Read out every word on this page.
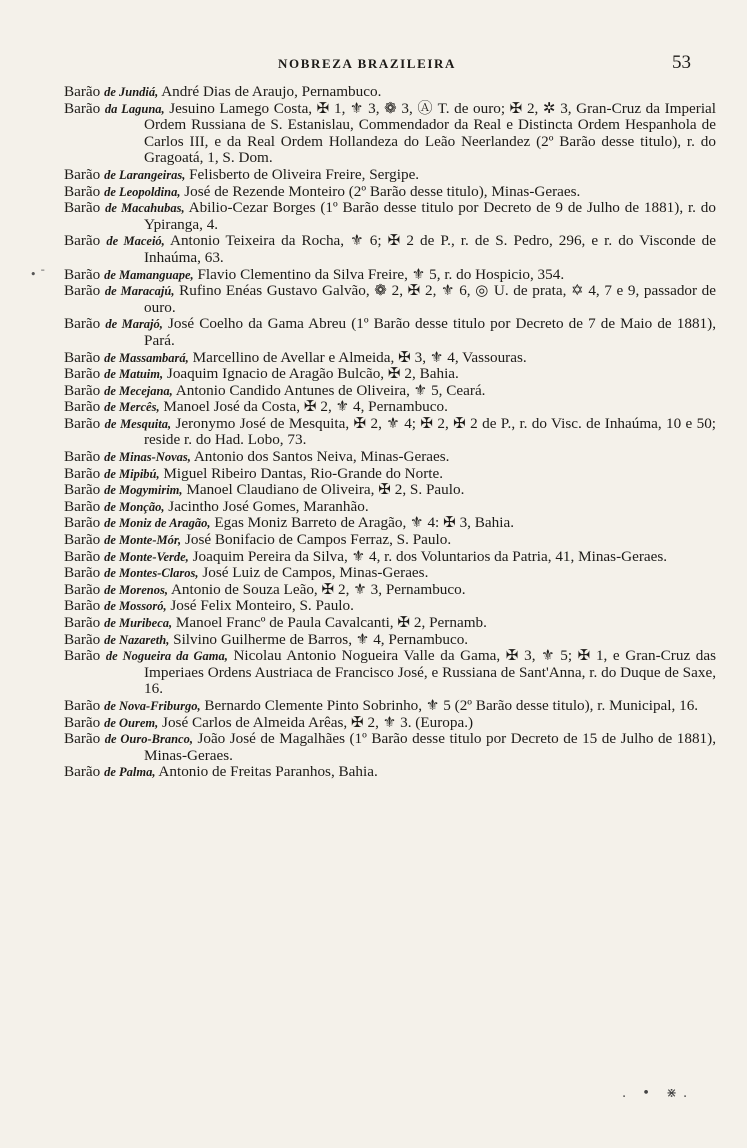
NOBREZA BRAZILEIRA	53
• ¯

Barão de Jundiá, André Dias de Araujo, Pernambuco.

Barão da Laguna, Jesuino Lamego Costa, ✠ 1, ⚜ 3, ❁ 3, Ⓐ T. de ouro; ✠ 2, ✲ 3, Gran-Cruz da Imperial Ordem Russiana de S. Estanislau, Commendador da Real e Distincta Ordem Hespanhola de Carlos III, e da Real Ordem Hollandeza do Leão Neerlandez (2º Barão desse titulo), r. do Gragoatá, 1, S. Dom.

Barão de Larangeiras, Felisberto de Oliveira Freire, Sergipe.

Barão de Leopoldina, José de Rezende Monteiro (2º Barão desse titulo), Minas-Geraes.

Barão de Macahubas, Abilio-Cezar Borges (1º Barão desse titulo por Decreto de 9 de Julho de 1881), r. do Ypiranga, 4.

Barão de Maceió, Antonio Teixeira da Rocha, ⚜ 6; ✠ 2 de P., r. de S. Pedro, 296, e r. do Visconde de Inhaúma, 63.

Barão de Mamanguape, Flavio Clementino da Silva Freire, ⚜ 5, r. do Hospicio, 354.

Barão de Maracajú, Rufino Enéas Gustavo Galvão, ❁ 2, ✠ 2, ⚜ 6, ◎ U. de prata, ✡ 4, 7 e 9, passador de ouro.

Barão de Marajó, José Coelho da Gama Abreu (1º Barão desse titulo por Decreto de 7 de Maio de 1881), Pará.

Barão de Massambará, Marcellino de Avellar e Almeida, ✠ 3, ⚜ 4, Vassouras.

Barão de Matuim, Joaquim Ignacio de Aragão Bulcão, ✠ 2, Bahia.

Barão de Mecejana, Antonio Candido Antunes de Oliveira, ⚜ 5, Ceará.

Barão de Mercês, Manoel José da Costa, ✠ 2, ⚜ 4, Pernambuco.

Barão de Mesquita, Jeronymo José de Mesquita, ✠ 2, ⚜ 4; ✠ 2, ✠ 2 de P., r. do Visc. de Inhaúma, 10 e 50; reside r. do Had. Lobo, 73.

Barão de Minas-Novas, Antonio dos Santos Neiva, Minas-Geraes.

Barão de Mipibú, Miguel Ribeiro Dantas, Rio-Grande do Norte.

Barão de Mogymirim, Manoel Claudiano de Oliveira, ✠ 2, S. Paulo.

Barão de Monção, Jacintho José Gomes, Maranhão.

Barão de Moniz de Aragão, Egas Moniz Barreto de Aragão, ⚜ 4: ✠ 3, Bahia.

Barão de Monte-Mór, José Bonifacio de Campos Ferraz, S. Paulo.

Barão de Monte-Verde, Joaquim Pereira da Silva, ⚜ 4, r. dos Voluntarios da Patria, 41, Minas-Geraes.

Barão de Montes-Claros, José Luiz de Campos, Minas-Geraes.

Barão de Morenos, Antonio de Souza Leão, ✠ 2, ⚜ 3, Pernambuco.

Barão de Mossoró, José Felix Monteiro, S. Paulo.

Barão de Muribeca, Manoel Francº de Paula Cavalcanti, ✠ 2, Pernamb.

Barão de Nazareth, Silvino Guilherme de Barros, ⚜ 4, Pernambuco.

Barão de Nogueira da Gama, Nicolau Antonio Nogueira Valle da Gama, ✠ 3, ⚜ 5; ✠ 1, e Gran-Cruz das Imperiaes Ordens Austriaca de Francisco José, e Russiana de Sant'Anna, r. do Duque de Saxe, 16.

Barão de Nova-Friburgo, Bernardo Clemente Pinto Sobrinho, ⚜ 5 (2º Barão desse titulo), r. Municipal, 16.

Barão de Ourem, José Carlos de Almeida Arêas, ✠ 2, ⚜ 3. (Europa.)

Barão de Ouro-Branco, João José de Magalhães (1º Barão desse titulo por Decreto de 15 de Julho de 1881), Minas-Geraes.

Barão de Palma, Antonio de Freitas Paranhos, Bahia.

. • ⋇.
